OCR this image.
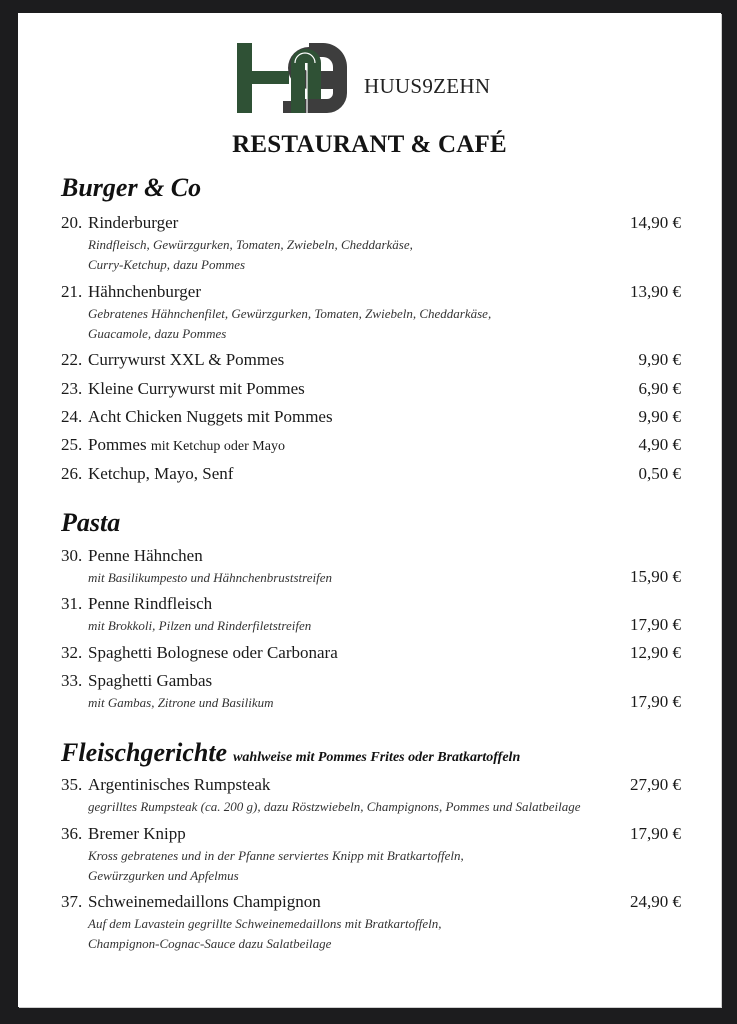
HUUS9ZEHN
RESTAURANT & CAFÉ
Burger & Co
20. Rinderburger	14,90 €
Rindfleisch, Gewürzgurken, Tomaten, Zwiebeln, Cheddarkäse,
Curry-Ketchup, dazu Pommes
21. Hähnchenburger	13,90 €
Gebratenes Hähnchenfilet, Gewürzgurken, Tomaten, Zwiebeln, Cheddarkäse,
Guacamole, dazu Pommes
22. Currywurst XXL & Pommes	9,90 €
23. Kleine Currywurst mit Pommes	6,90 €
24. Acht Chicken Nuggets mit Pommes	9,90 €
25. Pommes mit Ketchup oder Mayo	4,90 €
26. Ketchup, Mayo, Senf	0,50 €
Pasta
30. Penne Hähnchen
mit Basilikumpesto und Hähnchenbruststreifen	15,90 €
31. Penne Rindfleisch
mit Brokkoli, Pilzen und Rinderfiletstreifen	17,90 €
32. Spaghetti Bolognese oder Carbonara	12,90 €
33. Spaghetti Gambas
mit Gambas, Zitrone und Basilikum	17,90 €
Fleischgerichte wahlweise mit Pommes Frites oder Bratkartoffeln
35. Argentinisches Rumpsteak	27,90 €
gegrilltes Rumpsteak (ca. 200 g), dazu Röstzwiebeln, Champignons, Pommes und Salatbeilage
36. Bremer Knipp	17,90 €
Kross gebratenes und in der Pfanne serviertes Knipp mit Bratkartoffeln,
Gewürzgurken und Apfelmus
37. Schweinemedaillons Champignon	24,90 €
Auf dem Lavastein gegrillte Schweinemedaillons mit Bratkartoffeln,
Champignon-Cognac-Sauce dazu Salatbeilage
